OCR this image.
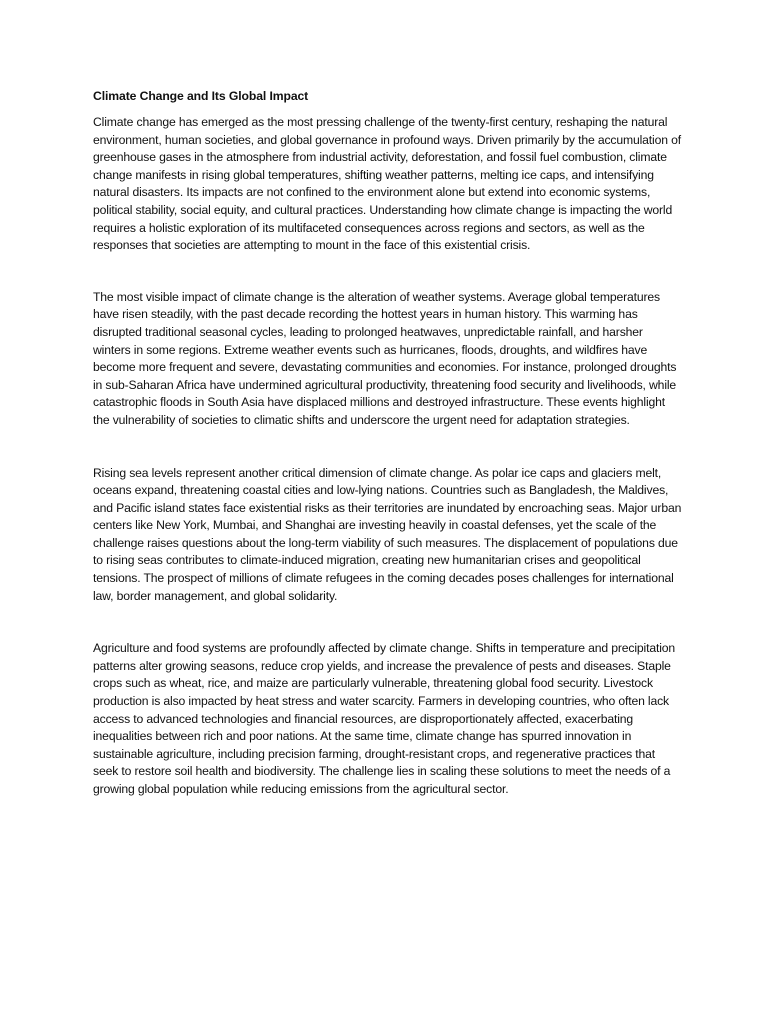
Climate Change and Its Global Impact

Climate change has emerged as the most pressing challenge of the twenty-first century, reshaping the natural environment, human societies, and global governance in profound ways. Driven primarily by the accumulation of greenhouse gases in the atmosphere from industrial activity, deforestation, and fossil fuel combustion, climate change manifests in rising global temperatures, shifting weather patterns, melting ice caps, and intensifying natural disasters. Its impacts are not confined to the environment alone but extend into economic systems, political stability, social equity, and cultural practices. Understanding how climate change is impacting the world requires a holistic exploration of its multifaceted consequences across regions and sectors, as well as the responses that societies are attempting to mount in the face of this existential crisis.

The most visible impact of climate change is the alteration of weather systems. Average global temperatures have risen steadily, with the past decade recording the hottest years in human history. This warming has disrupted traditional seasonal cycles, leading to prolonged heatwaves, unpredictable rainfall, and harsher winters in some regions. Extreme weather events such as hurricanes, floods, droughts, and wildfires have become more frequent and severe, devastating communities and economies. For instance, prolonged droughts in sub-Saharan Africa have undermined agricultural productivity, threatening food security and livelihoods, while catastrophic floods in South Asia have displaced millions and destroyed infrastructure. These events highlight the vulnerability of societies to climatic shifts and underscore the urgent need for adaptation strategies.

Rising sea levels represent another critical dimension of climate change. As polar ice caps and glaciers melt, oceans expand, threatening coastal cities and low-lying nations. Countries such as Bangladesh, the Maldives, and Pacific island states face existential risks as their territories are inundated by encroaching seas. Major urban centers like New York, Mumbai, and Shanghai are investing heavily in coastal defenses, yet the scale of the challenge raises questions about the long-term viability of such measures. The displacement of populations due to rising seas contributes to climate-induced migration, creating new humanitarian crises and geopolitical tensions. The prospect of millions of climate refugees in the coming decades poses challenges for international law, border management, and global solidarity.

Agriculture and food systems are profoundly affected by climate change. Shifts in temperature and precipitation patterns alter growing seasons, reduce crop yields, and increase the prevalence of pests and diseases. Staple crops such as wheat, rice, and maize are particularly vulnerable, threatening global food security. Livestock production is also impacted by heat stress and water scarcity. Farmers in developing countries, who often lack access to advanced technologies and financial resources, are disproportionately affected, exacerbating inequalities between rich and poor nations. At the same time, climate change has spurred innovation in sustainable agriculture, including precision farming, drought-resistant crops, and regenerative practices that seek to restore soil health and biodiversity. The challenge lies in scaling these solutions to meet the needs of a growing global population while reducing emissions from the agricultural sector.
